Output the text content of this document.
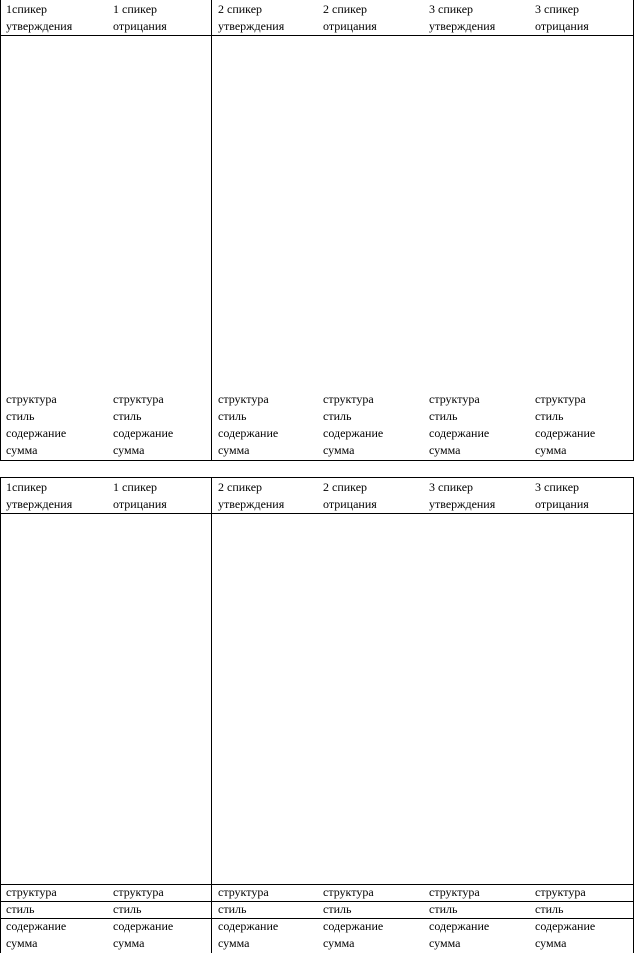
1спикер
утверждения
1 спикер
отрицания
2 спикер
утверждения
2 спикер
отрицания
3 спикер
утверждения
3 спикер
отрицания
структура
стиль
содержание
сумма
структура
стиль
содержание
сумма
структура
стиль
содержание
сумма
структура
стиль
содержание
сумма
структура
стиль
содержание
сумма
структура
стиль
содержание
сумма
1спикер
утверждения
1 спикер
отрицания
2 спикер
утверждения
2 спикер
отрицания
3 спикер
утверждения
3 спикер
отрицания
структура
стиль
содержание
сумма
структура
стиль
содержание
сумма
структура
стиль
содержание
сумма
структура
стиль
содержание
сумма
структура
стиль
содержание
сумма
структура
стиль
содержание
сумма
